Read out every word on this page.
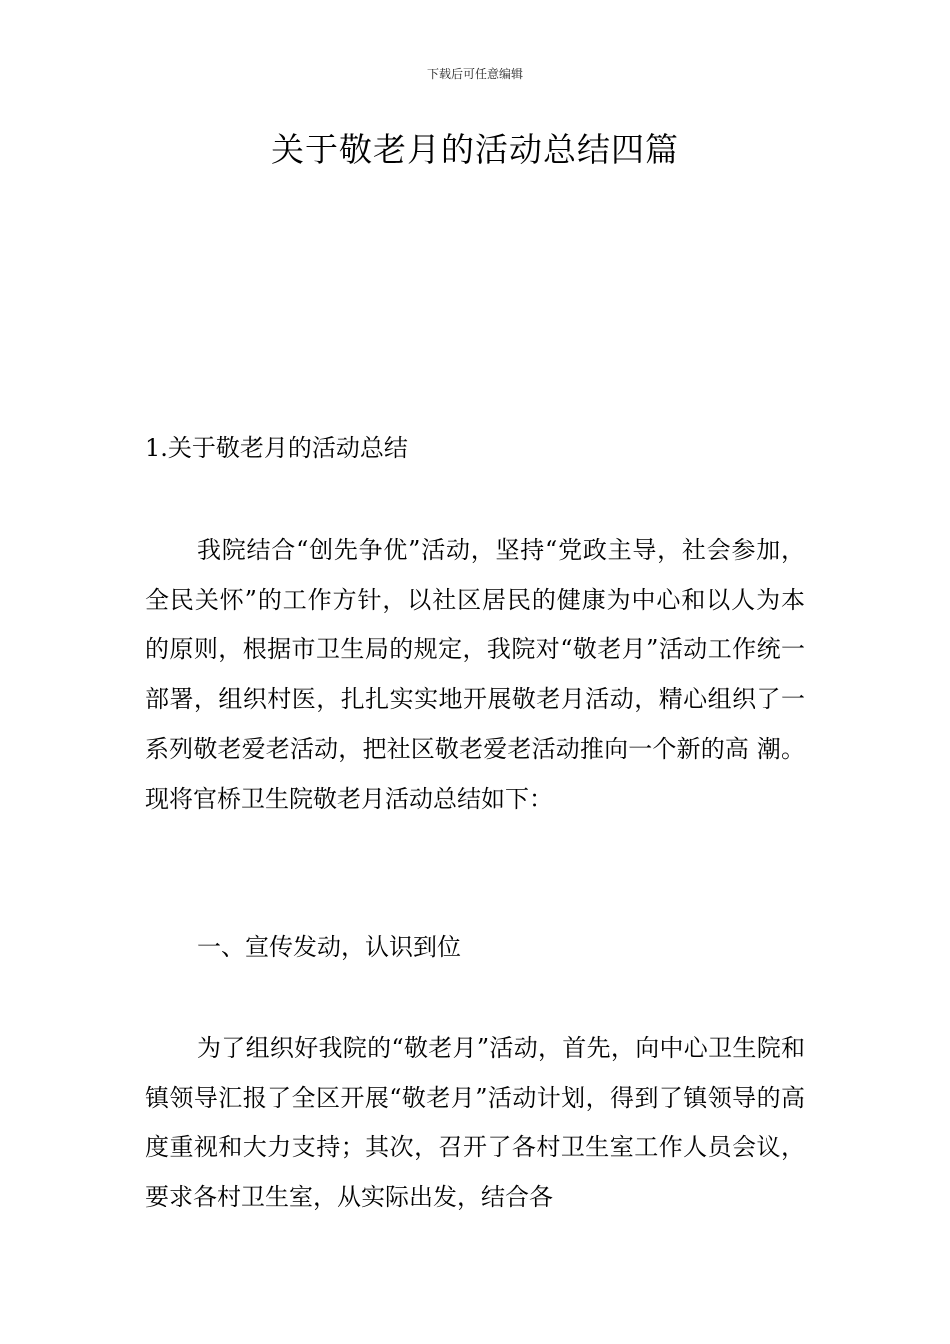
下载后可任意编辑
关于敬老月的活动总结四篇
1.关于敬老月的活动总结

我院结合“创先争优”活动，坚持“党政主导，社会参加，全民关怀”的工作方针，以社区居民的健康为中心和以人为本的原则，根据市卫生局的规定，我院对“敬老月”活动工作统一部署，组织村医，扎扎实实地开展敬老月活动，精心组织了一系列敬老爱老活动，把社区敬老爱老活动推向一个新的高 潮。现将官桥卫生院敬老月活动总结如下：

一、宣传发动，认识到位

为了组织好我院的“敬老月”活动，首先，向中心卫生院和镇领导汇报了全区开展“敬老月”活动计划，得到了镇领导的高度重视和大力支持；其次，召开了各村卫生室工作人员会议，要求各村卫生室，从实际出发，结合各
